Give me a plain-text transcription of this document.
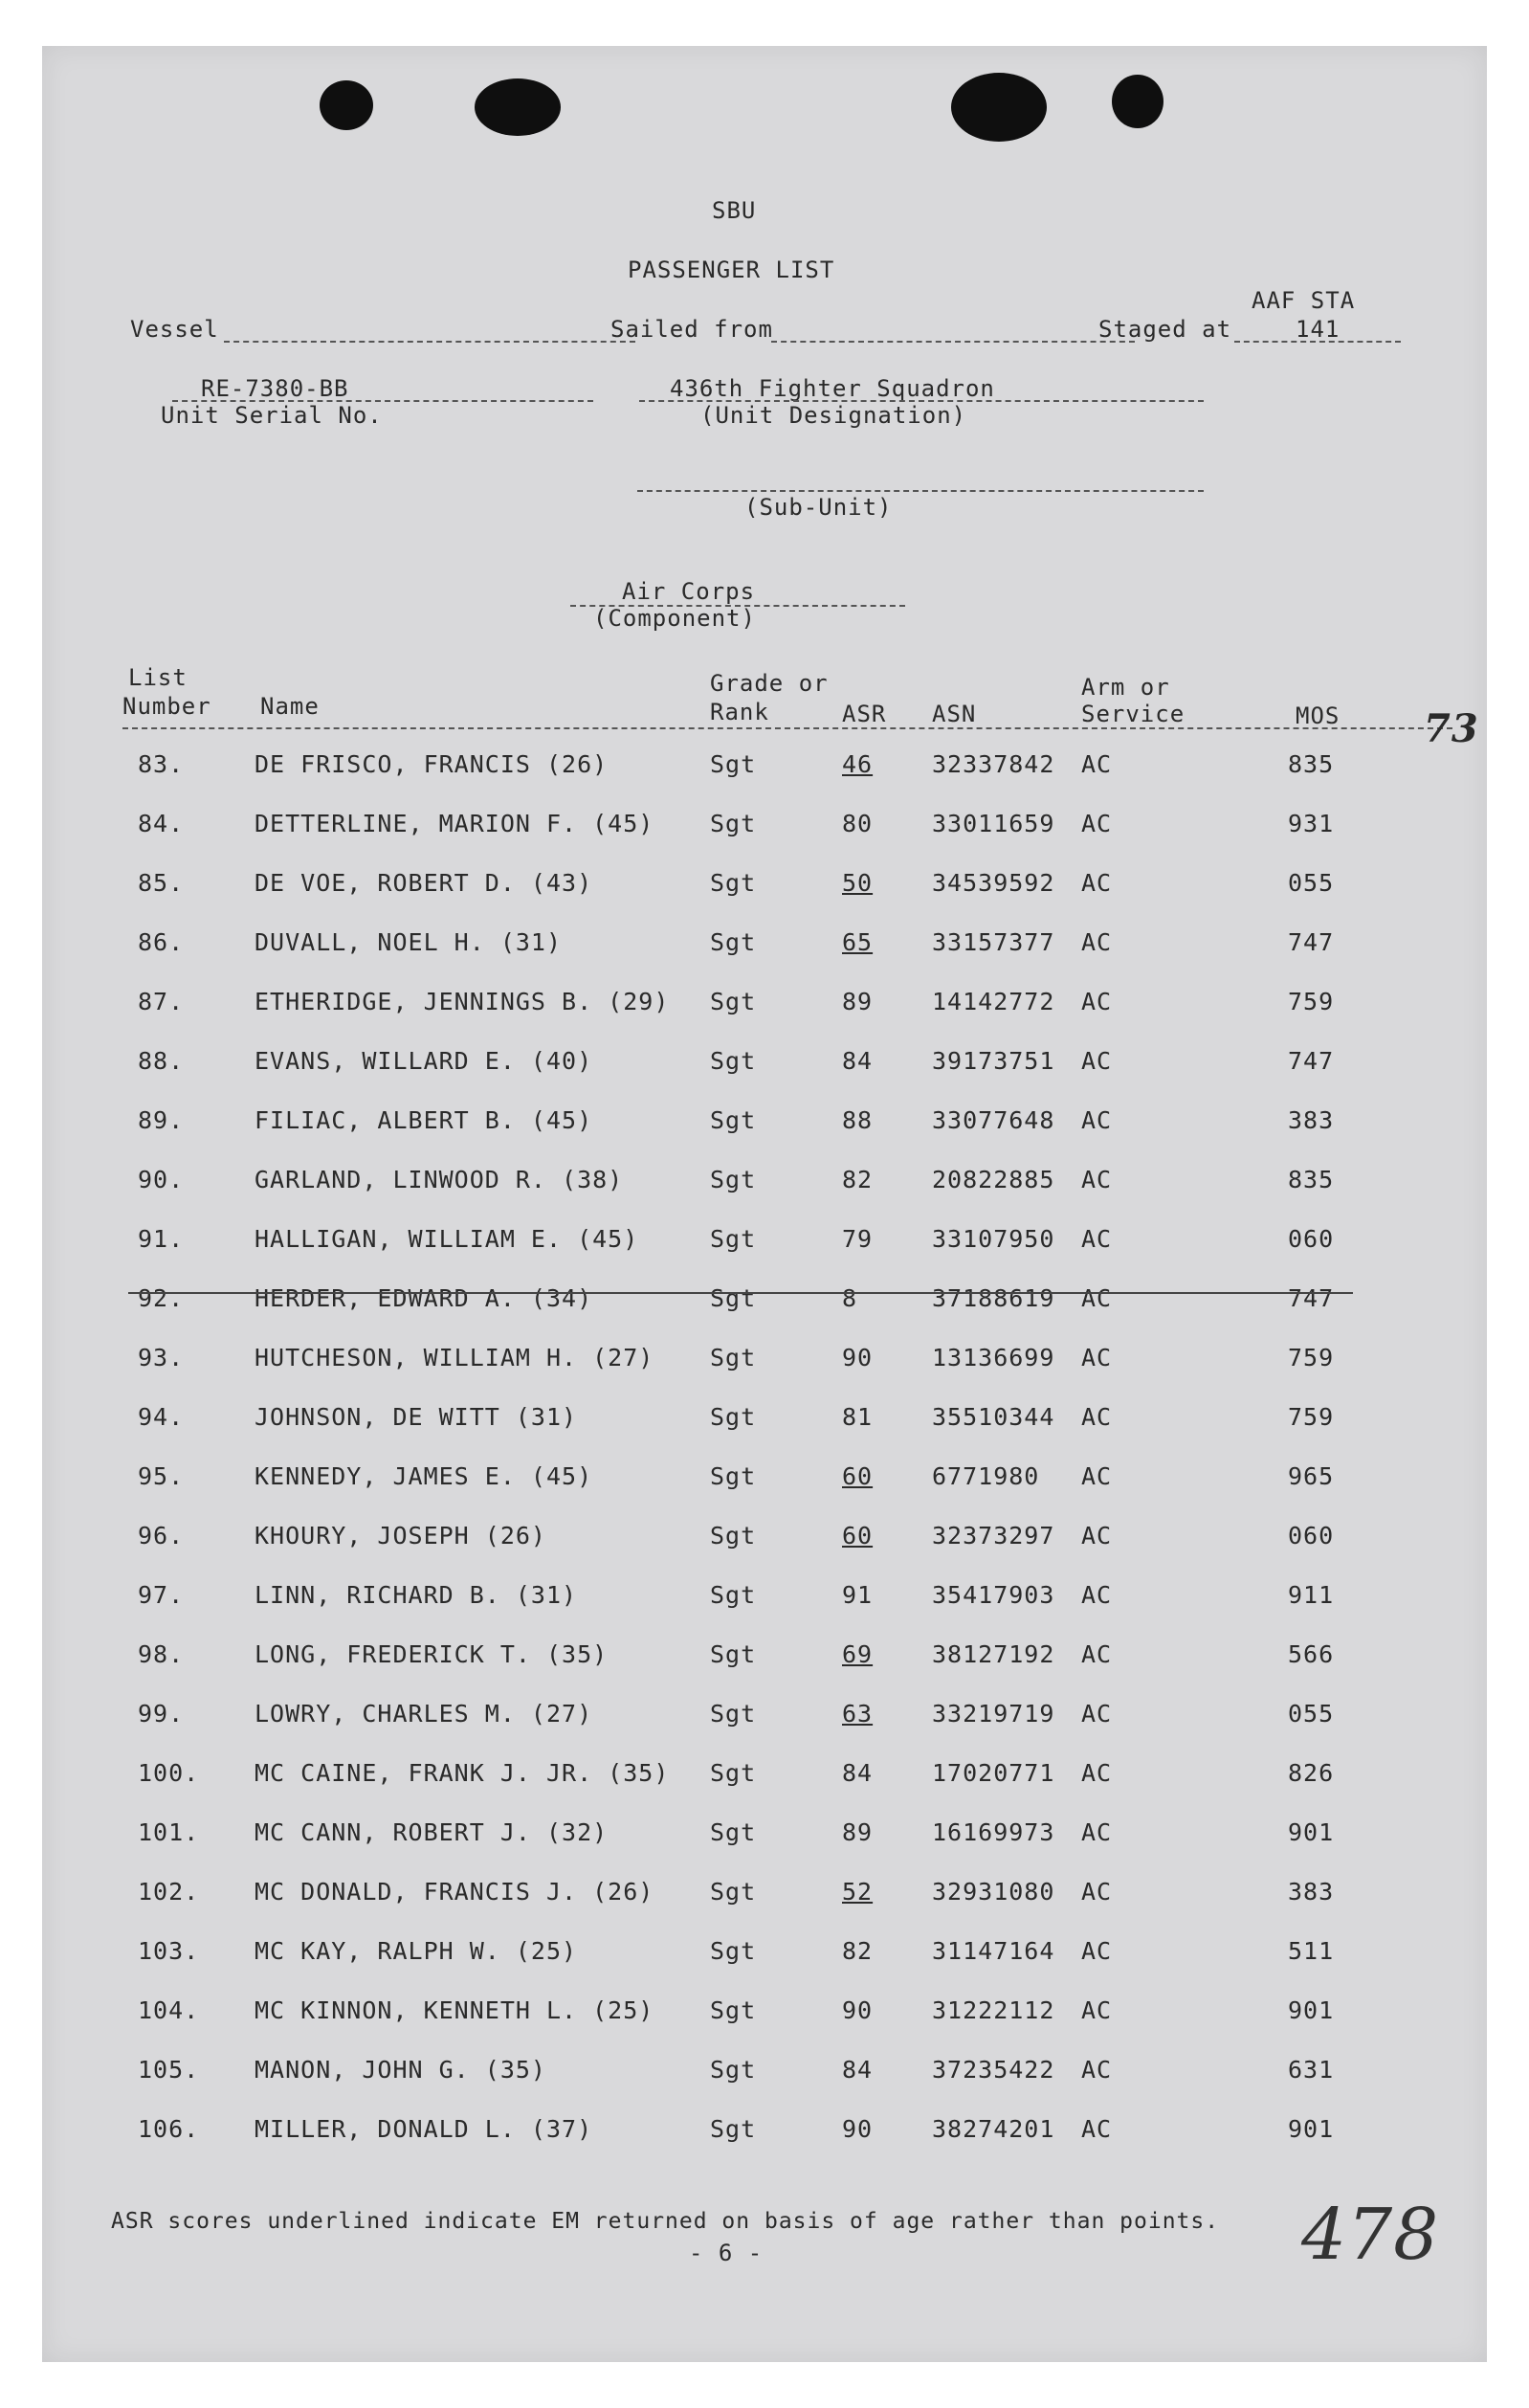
SBU
PASSENGER LIST
Vessel	Sailed from	Staged at
AAF STA
141
RE-7380-BB
Unit Serial No.
436th Fighter Squadron
(Unit Designation)
(Sub-Unit)
Air Corps
(Component)
List
Number Name
Grade or
Rank	ASR ASN
Arm or
Service	MOS 73
83.	DE FRISCO, FRANCIS (26)	Sgt	46 32337842 AC	835
84.	DETTERLINE, MARION F. (45) Sgt	80 33011659 AC	931
85.	DE VOE, ROBERT D. (43)	Sgt	50 34539592 AC	055
86.	DUVALL, NOEL H. (31)	Sgt	65 33157377 AC	747
87.	ETHERIDGE, JENNINGS B. (29) Sgt	89 14142772 AC	759
88.	EVANS, WILLARD E. (40)	Sgt	84 39173751 AC	747
89.	FILIAC, ALBERT B. (45)	Sgt	88 33077648 AC	383
90.	GARLAND, LINWOOD R. (38)	Sgt	82 20822885 AC	835
91.	HALLIGAN, WILLIAM E. (45)	Sgt	79 33107950 AC	060
92.	HERDER, EDWARD A. (34)	Sgt	8	37188619 AC	747
93.	HUTCHESON, WILLIAM H. (27) Sgt	90 13136699 AC	759
94.	JOHNSON, DE WITT (31)	Sgt	81 35510344 AC	759
95.	KENNEDY, JAMES E. (45)	Sgt	60 6771980 AC	965
96.	KHOURY, JOSEPH (26)	Sgt	60 32373297 AC	060
97.	LINN, RICHARD B. (31)	Sgt	91 35417903 AC	911
98.	LONG, FREDERICK T. (35)	Sgt	69 38127192 AC	566
99.	LOWRY, CHARLES M. (27)	Sgt	63 33219719 AC	055
100. MC CAINE, FRANK J. JR. (35) Sgt	84 17020771 AC	826
101. MC CANN, ROBERT J. (32)	Sgt	89 16169973 AC	901
102. MC DONALD, FRANCIS J. (26) Sgt	52 32931080 AC	383
103. MC KAY, RALPH W. (25)	Sgt	82 31147164 AC	511
104. MC KINNON, KENNETH L. (25) Sgt	90 31222112 AC	901
105. MANON, JOHN G. (35)	Sgt	84 37235422 AC	631
106. MILLER, DONALD L. (37)	Sgt	90 38274201 AC	901
ASR scores underlined indicate EM returned on basis of age rather than points.
- 6 -	478
